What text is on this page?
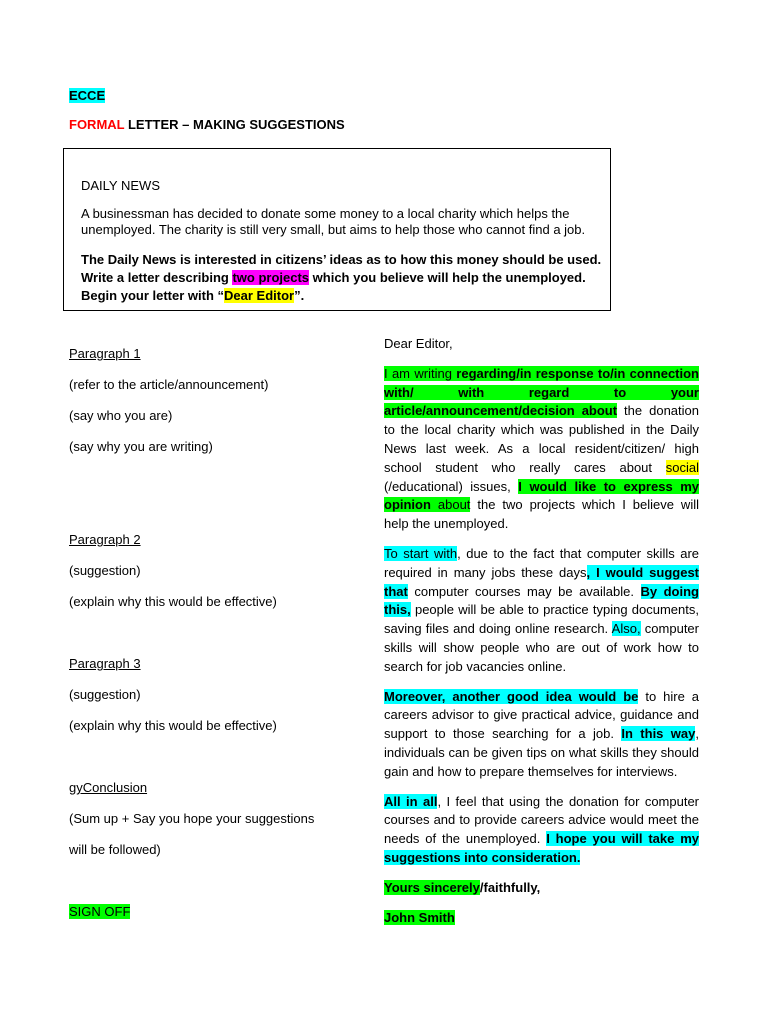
ECCE
FORMAL LETTER – MAKING SUGGESTIONS
DAILY NEWS
A businessman has decided to donate some money to a local charity which helps the unemployed. The charity is still very small, but aims to help those who cannot find a job.
The Daily News is interested in citizens’ ideas as to how this money should be used. Write a letter describing two projects which you believe will help the unemployed. Begin your letter with “Dear Editor”.
Paragraph 1
(refer to the article/announcement)
(say who you are)
(say why you are writing)
Paragraph 2
(suggestion)
(explain why this would be effective)
Paragraph 3
(suggestion)
(explain why this would be effective)
gyConclusion
(Sum up + Say you hope your suggestions
will be followed)
SIGN OFF

Dear Editor,

I am writing regarding/in response to/in connection with/ with regard to your article/announcement/decision about the donation to the local charity which was published in the Daily News last week. As a local resident/citizen/ high school student who really cares about social (/educational) issues, I would like to express my opinion about the two projects which I believe will help the unemployed.

To start with, due to the fact that computer skills are required in many jobs these days, I would suggest that computer courses may be available. By doing this, people will be able to practice typing documents, saving files and doing online research. Also, computer skills will show people who are out of work how to search for job vacancies online.

Moreover, another good idea would be to hire a careers advisor to give practical advice, guidance and support to those searching for a job. In this way, individuals can be given tips on what skills they should gain and how to prepare themselves for interviews.

All in all, I feel that using the donation for computer courses and to provide careers advice would meet the needs of the unemployed. I hope you will take my suggestions into consideration.

Yours sincerely/faithfully,

John Smith
